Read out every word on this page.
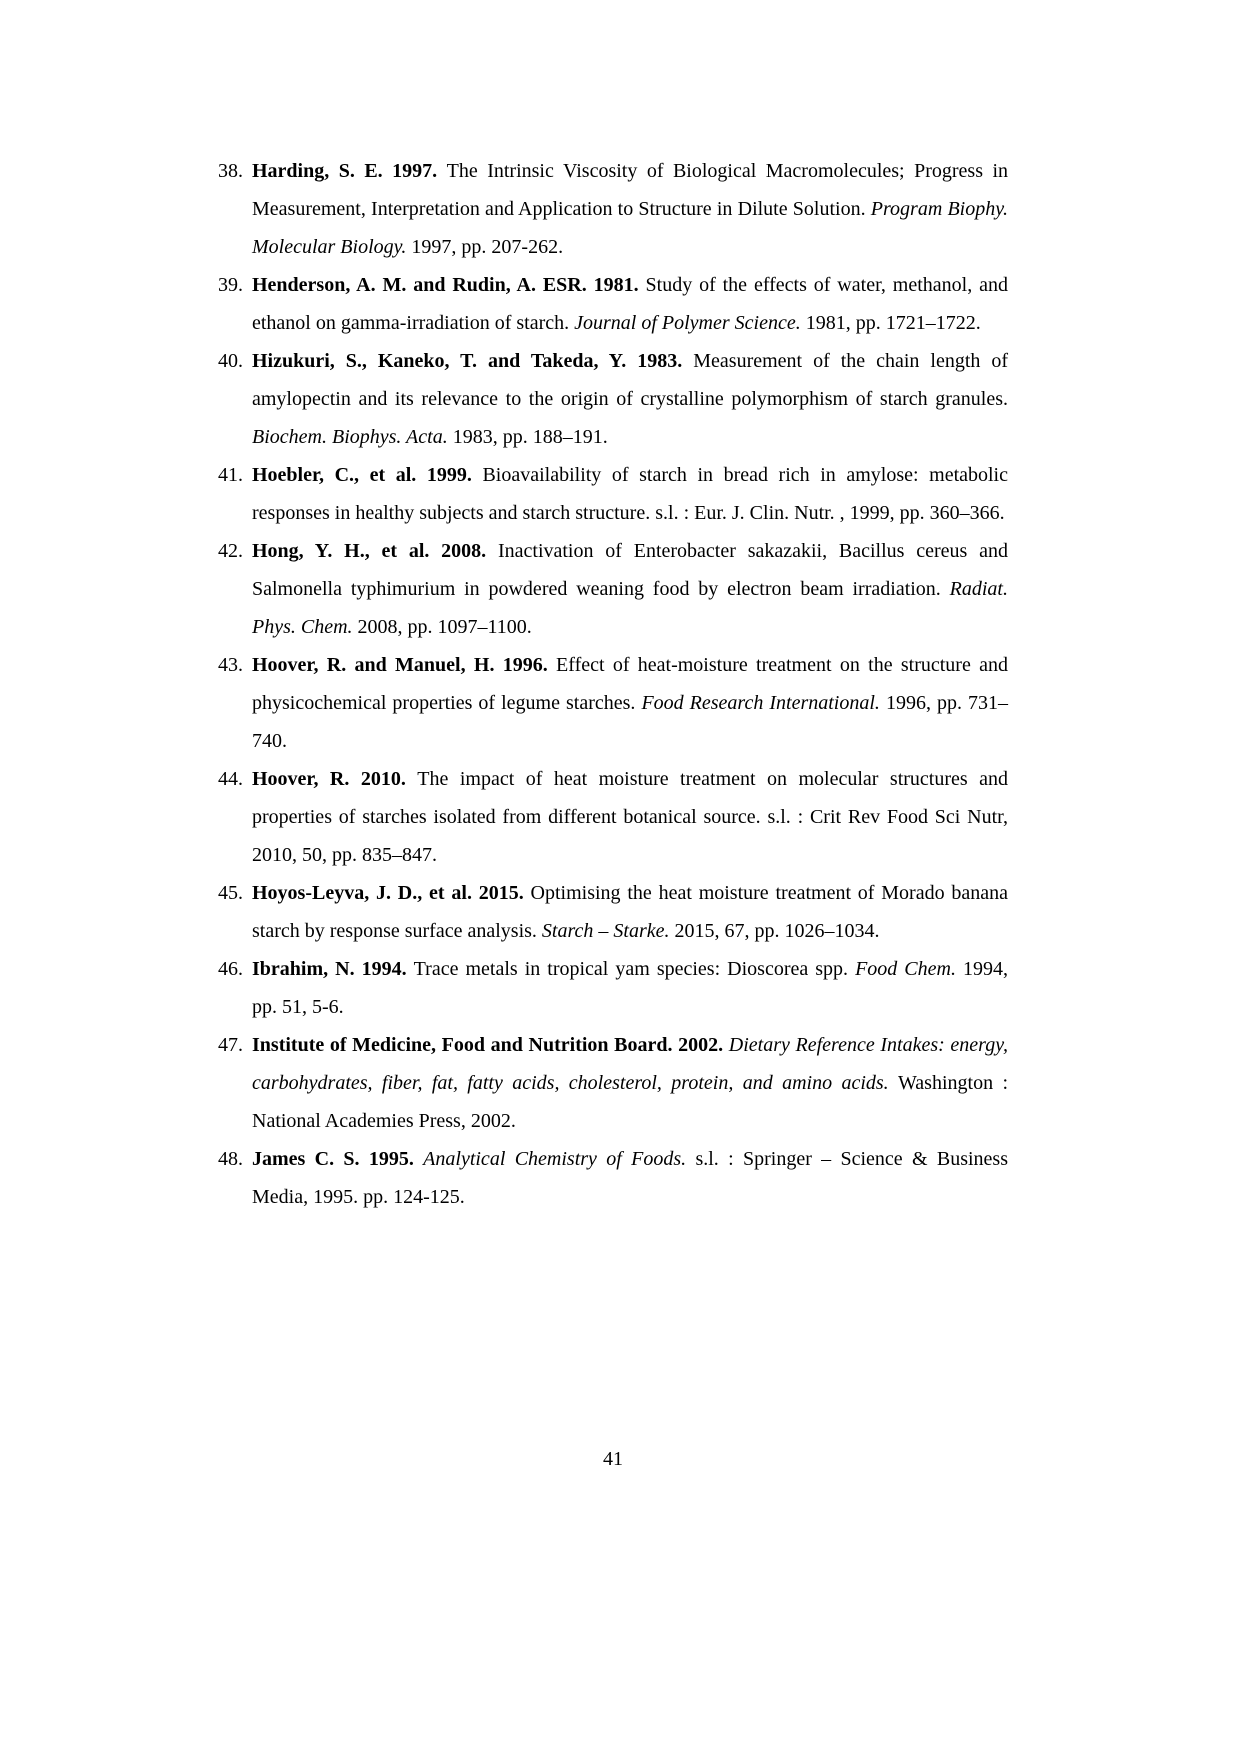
38. Harding, S. E. 1997. The Intrinsic Viscosity of Biological Macromolecules; Progress in Measurement, Interpretation and Application to Structure in Dilute Solution. Program Biophy. Molecular Biology. 1997, pp. 207-262.
39. Henderson, A. M. and Rudin, A. ESR. 1981. Study of the effects of water, methanol, and ethanol on gamma-irradiation of starch. Journal of Polymer Science. 1981, pp. 1721–1722.
40. Hizukuri, S., Kaneko, T. and Takeda, Y. 1983. Measurement of the chain length of amylopectin and its relevance to the origin of crystalline polymorphism of starch granules. Biochem. Biophys. Acta. 1983, pp. 188–191.
41. Hoebler, C., et al. 1999. Bioavailability of starch in bread rich in amylose: metabolic responses in healthy subjects and starch structure. s.l. : Eur. J. Clin. Nutr. , 1999, pp. 360–366.
42. Hong, Y. H., et al. 2008. Inactivation of Enterobacter sakazakii, Bacillus cereus and Salmonella typhimurium in powdered weaning food by electron beam irradiation. Radiat. Phys. Chem. 2008, pp. 1097–1100.
43. Hoover, R. and Manuel, H. 1996. Effect of heat-moisture treatment on the structure and physicochemical properties of legume starches. Food Research International. 1996, pp. 731–740.
44. Hoover, R. 2010. The impact of heat moisture treatment on molecular structures and properties of starches isolated from different botanical source. s.l. : Crit Rev Food Sci Nutr, 2010, 50, pp. 835–847.
45. Hoyos-Leyva, J. D., et al. 2015. Optimising the heat moisture treatment of Morado banana starch by response surface analysis. Starch – Starke. 2015, 67, pp. 1026–1034.
46. Ibrahim, N. 1994. Trace metals in tropical yam species: Dioscorea spp. Food Chem. 1994, pp. 51, 5-6.
47. Institute of Medicine, Food and Nutrition Board. 2002. Dietary Reference Intakes: energy, carbohydrates, fiber, fat, fatty acids, cholesterol, protein, and amino acids. Washington : National Academies Press, 2002.
48. James C. S. 1995. Analytical Chemistry of Foods. s.l. : Springer – Science & Business Media, 1995. pp. 124-125.
41
